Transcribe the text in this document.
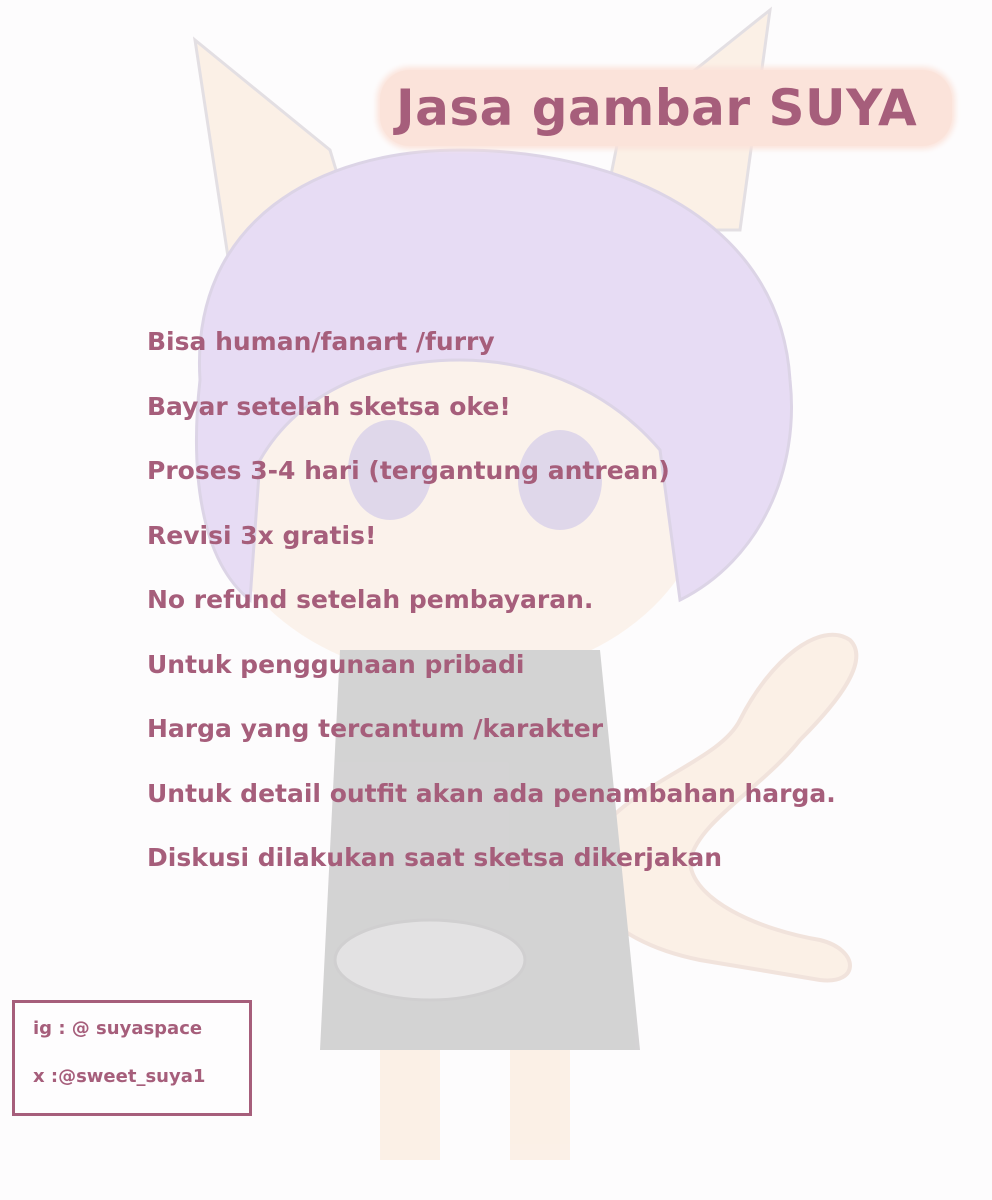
Jasa gambar SUYA
Bisa human/fanart /furry
Bayar setelah sketsa oke!
Proses 3-4 hari (tergantung antrean)
Revisi 3x gratis!
No refund setelah pembayaran.
Untuk penggunaan pribadi
Harga yang tercantum /karakter
Untuk detail outfit akan ada penambahan harga.
Diskusi dilakukan saat sketsa dikerjakan
ig : @ suyaspace
x :@sweet_suya1
